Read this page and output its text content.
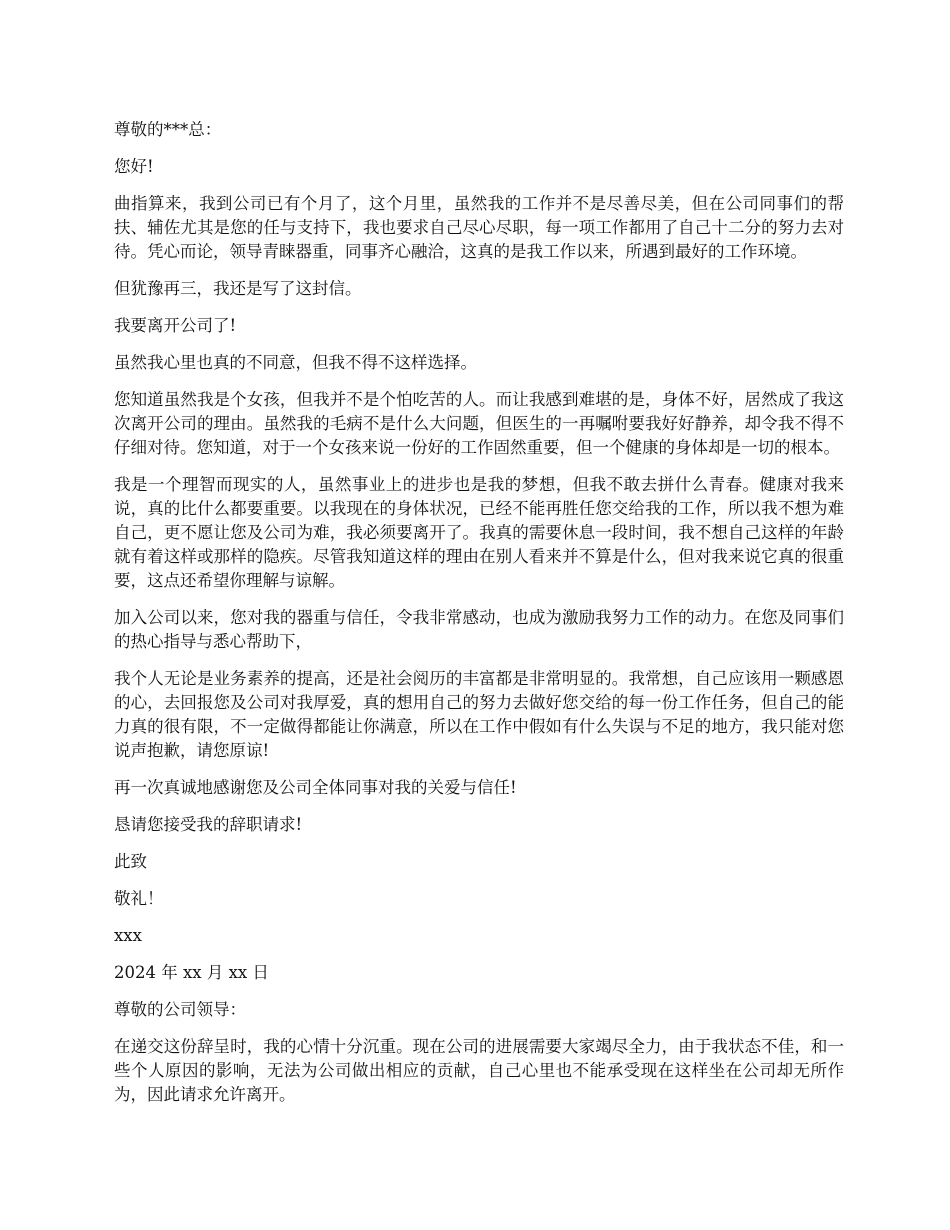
尊敬的***总：

您好!

曲指算来，我到公司已有个月了，这个月里，虽然我的工作并不是尽善尽美，但在公司同事们的帮扶、辅佐尤其是您的任与支持下，我也要求自己尽心尽职，每一项工作都用了自己十二分的努力去对待。凭心而论，领导青睐器重，同事齐心融洽，这真的是我工作以来，所遇到最好的工作环境。

但犹豫再三，我还是写了这封信。

我要离开公司了!

虽然我心里也真的不同意，但我不得不这样选择。

您知道虽然我是个女孩，但我并不是个怕吃苦的人。而让我感到难堪的是，身体不好，居然成了我这次离开公司的理由。虽然我的毛病不是什么大问题，但医生的一再嘱咐要我好好静养，却令我不得不仔细对待。您知道，对于一个女孩来说一份好的工作固然重要，但一个健康的身体却是一切的根本。

我是一个理智而现实的人，虽然事业上的进步也是我的梦想，但我不敢去拼什么青春。健康对我来说，真的比什么都要重要。以我现在的身体状况，已经不能再胜任您交给我的工作，所以我不想为难自己，更不愿让您及公司为难，我必须要离开了。我真的需要休息一段时间，我不想自己这样的年龄就有着这样或那样的隐疾。尽管我知道这样的理由在别人看来并不算是什么，但对我来说它真的很重要，这点还希望你理解与谅解。

加入公司以来，您对我的器重与信任，令我非常感动，也成为激励我努力工作的动力。在您及同事们的热心指导与悉心帮助下，

我个人无论是业务素养的提高，还是社会阅历的丰富都是非常明显的。我常想，自己应该用一颗感恩的心，去回报您及公司对我厚爱，真的想用自己的努力去做好您交给的每一份工作任务，但自己的能力真的很有限，不一定做得都能让你满意，所以在工作中假如有什么失误与不足的地方，我只能对您说声抱歉，请您原谅!

再一次真诚地感谢您及公司全体同事对我的关爱与信任!

恳请您接受我的辞职请求!

此致

敬礼！

xxx

2024 年 xx 月 xx 日

尊敬的公司领导：

在递交这份辞呈时，我的心情十分沉重。现在公司的进展需要大家竭尽全力，由于我状态不佳，和一些个人原因的影响，无法为公司做出相应的贡献，自己心里也不能承受现在这样坐在公司却无所作为，因此请求允许离开。
